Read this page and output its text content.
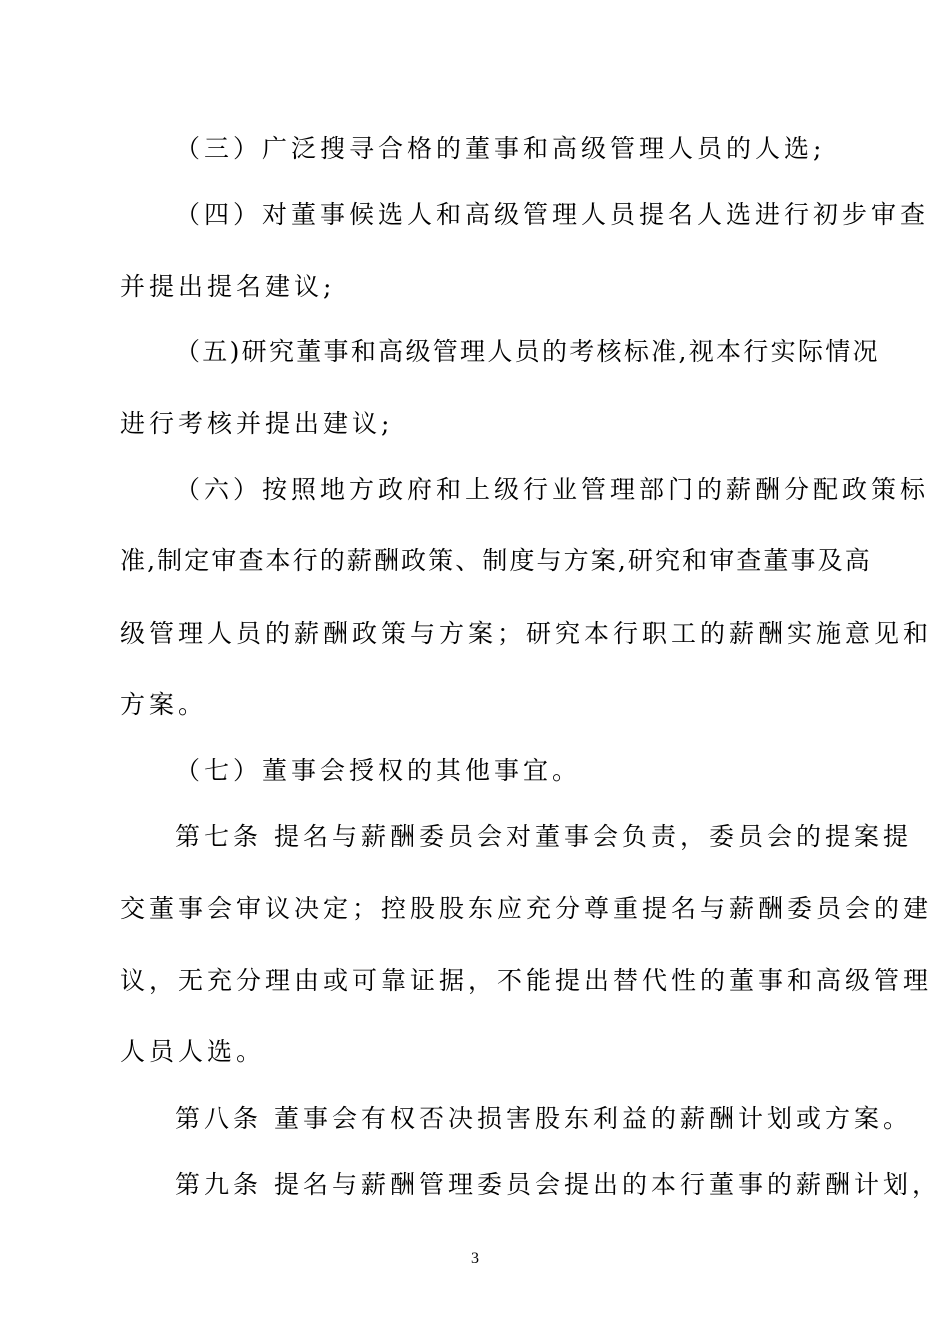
（三）广泛搜寻合格的董事和高级管理人员的人选;
（四）对董事候选人和高级管理人员提名人选进行初步审查
并提出提名建议;
（五)研究董事和高级管理人员的考核标准,视本行实际情况
进行考核并提出建议;
（六）按照地方政府和上级行业管理部门的薪酬分配政策标
准,制定审查本行的薪酬政策、制度与方案,研究和审查董事及高
级管理人员的薪酬政策与方案；研究本行职工的薪酬实施意见和
方案。
（七）董事会授权的其他事宜。
第七条 提名与薪酬委员会对董事会负责，委员会的提案提
交董事会审议决定；控股股东应充分尊重提名与薪酬委员会的建
议，无充分理由或可靠证据，不能提出替代性的董事和高级管理
人员人选。
第八条 董事会有权否决损害股东利益的薪酬计划或方案。
第九条 提名与薪酬管理委员会提出的本行董事的薪酬计划，
3
